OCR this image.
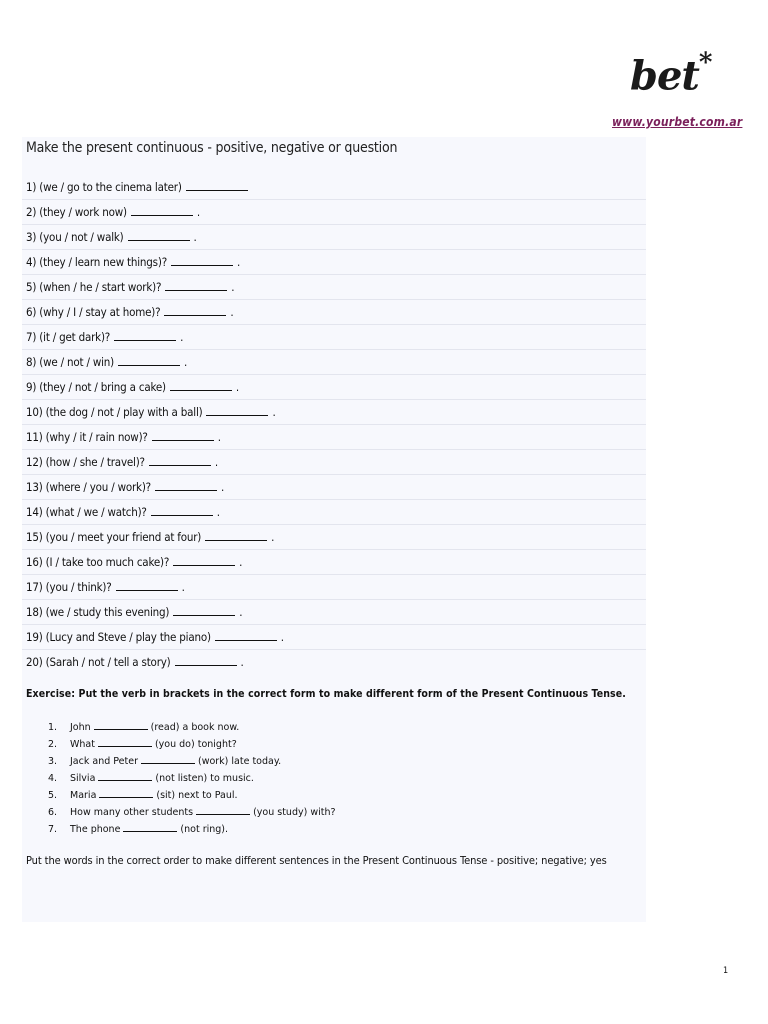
bet*
www.yourbet.com.ar
Make the present continuous - positive, negative or question
1) (we / go to the cinema later)
2) (they / work now)	.
3) (you / not / walk)	.
4) (they / learn new things)?	.
5) (when / he / start work)?	.
6) (why / I / stay at home)?	.
7) (it / get dark)?	.
8) (we / not / win)	.
9) (they / not / bring a cake)	.
10) (the dog / not / play with a ball)	.
11) (why / it / rain now)?	.
12) (how / she / travel)?	.
13) (where / you / work)?	.
14) (what / we / watch)?	.
15) (you / meet your friend at four)	.
16) (I / take too much cake)?	.
17) (you / think)?	.
18) (we / study this evening)	.
19) (Lucy and Steve / play the piano)	.
20) (Sarah / not / tell a story)	.
Exercise: Put the verb in brackets in the correct form to make different form of the Present Continuous Tense.
1. John	(read) a book now.
2. What	(you do) tonight?
3. Jack and Peter	(work) late today.
4. Silvia	(not listen) to music.
5. Maria	(sit) next to Paul.
6. How many other students	(you study) with?
7. The phone	(not ring).
Put the words in the correct order to make different sentences in the Present Continuous Tense - positive; negative; yes
1
